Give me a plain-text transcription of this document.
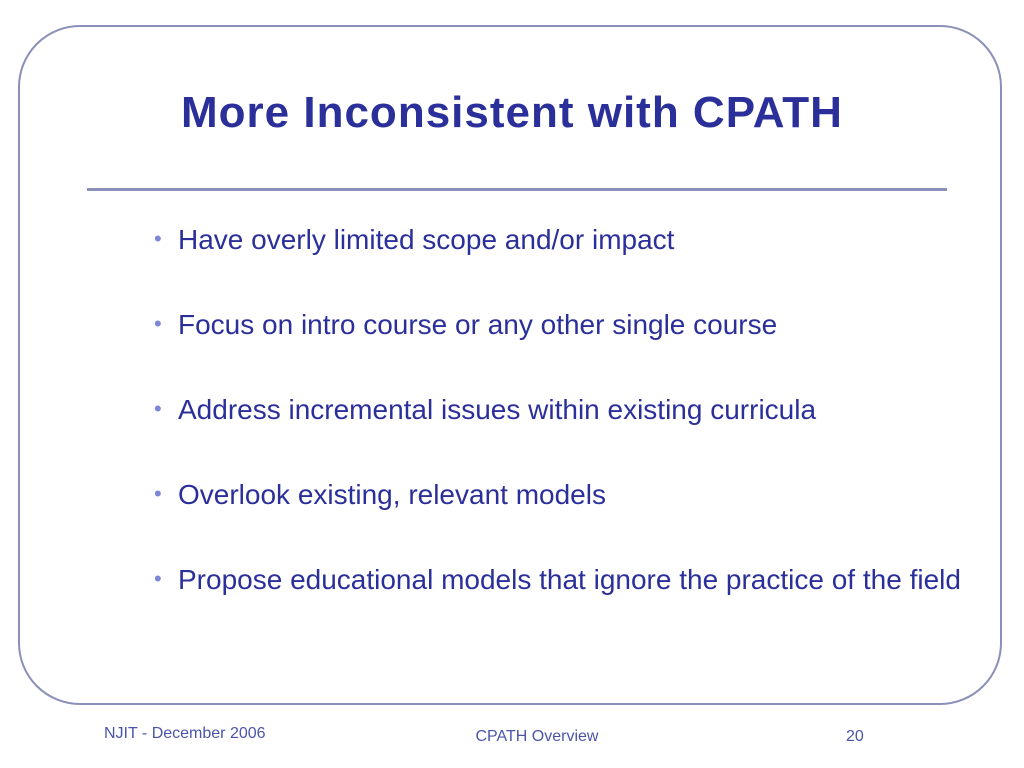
More Inconsistent with CPATH
• Have overly limited scope and/or impact
• Focus on intro course or any other single course
• Address incremental issues within existing curricula
• Overlook existing, relevant models
• Propose educational models that ignore the practice of the field
NJIT - December 2006	CPATH Overview	20
